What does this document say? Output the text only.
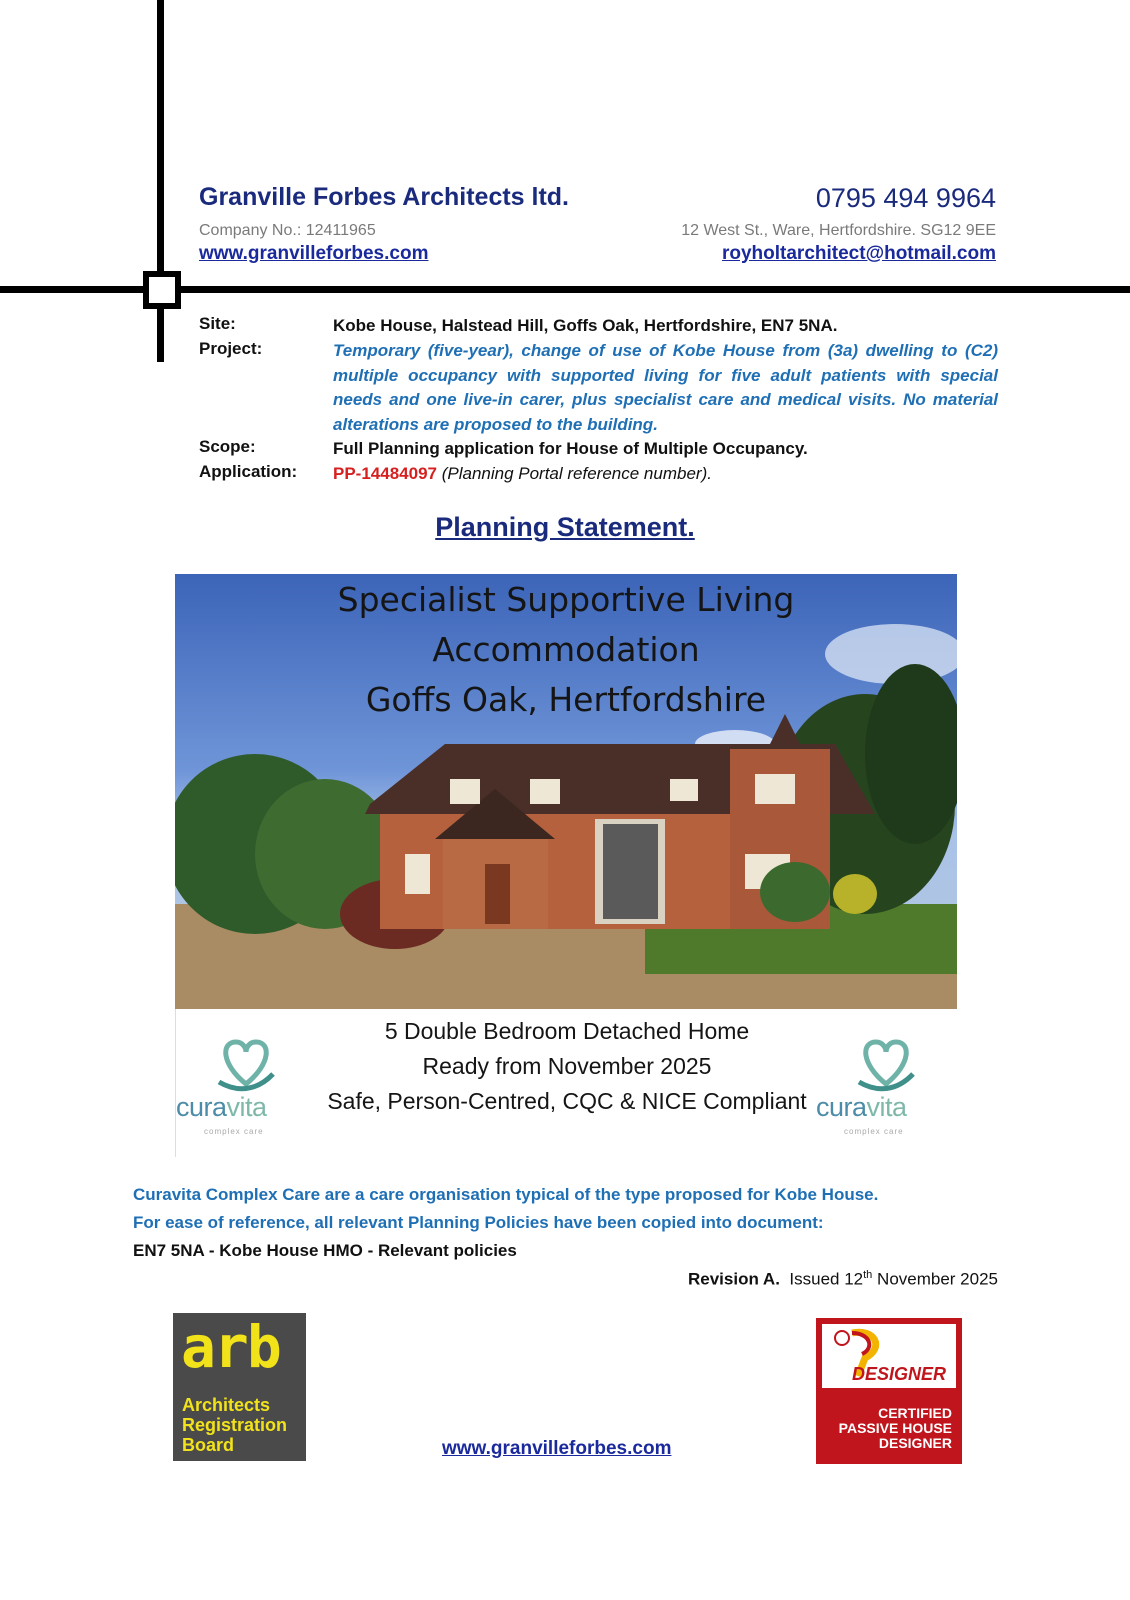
Granville Forbes Architects ltd.	0795 494 9964
Company No.: 12411965	12 West St., Ware, Hertfordshire. SG12 9EE
www.granvilleforbes.com	royholtarchitect@hotmail.com
Site:	Kobe House, Halstead Hill, Goffs Oak, Hertfordshire, EN7 5NA.
Project:	Temporary (five-year), change of use of Kobe House from (3a) dwelling to (C2) multiple occupancy with supported living for five adult patients with special needs and one live-in carer, plus specialist care and medical visits. No material alterations are proposed to the building.
Scope:	Full Planning application for House of Multiple Occupancy.
Application: PP-14484097 (Planning Portal reference number).
Planning Statement.
Specialist Supportive Living
Accommodation
Goffs Oak, Hertfordshire
5 Double Bedroom Detached Home
Ready from November 2025
Safe, Person-Centred, CQC & NICE Compliant
curavita
complex care
curavita
complex care
Curavita Complex Care are a care organisation typical of the type proposed for Kobe House.
For ease of reference, all relevant Planning Policies have been copied into document:
EN7 5NA - Kobe House HMO - Relevant policies
Revision A. Issued 12th November 2025
arb
Architects
Registration
Board	www.granvilleforbes.com
DESIGNER
CERTIFIED
PASSIVE HOUSE
DESIGNER
